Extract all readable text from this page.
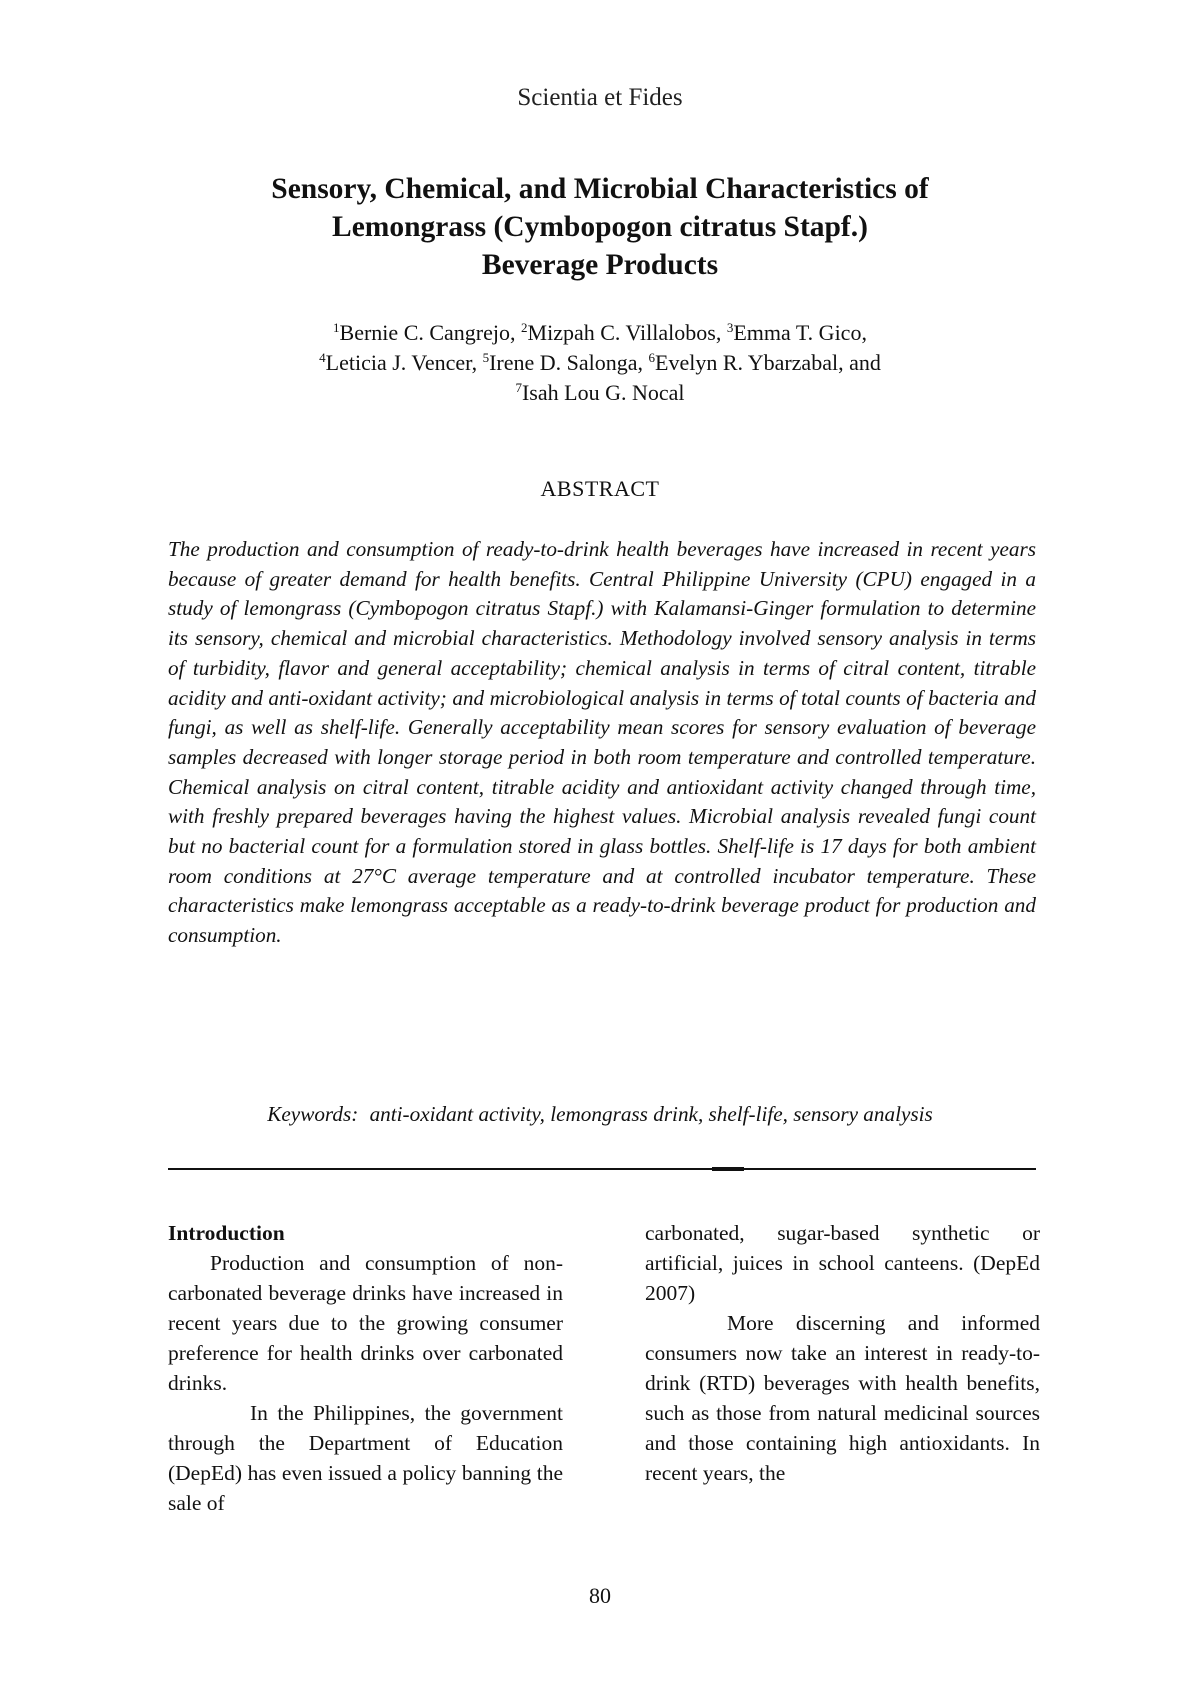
Scientia et Fides
Sensory, Chemical, and Microbial Characteristics of
Lemongrass (Cymbopogon citratus Stapf.)
Beverage Products
$^1$Bernie C. Cangrejo, $^2$Mizpah C. Villalobos, $^3$Emma T. Gico,
$^4$Leticia J. Vencer, $^5$Irene D. Salonga, $^6$Evelyn R. Ybarzabal, and
$^7$Isah Lou G. Nocal
ABSTRACT

The production and consumption of ready-to-drink health beverages have increased in recent years because of greater demand for health benefits. Central Philippine University (CPU) engaged in a study of lemongrass (Cymbopogon citratus Stapf.) with Kalamansi-Ginger formulation to determine its sensory, chemical and microbial characteristics. Methodology involved sensory analysis in terms of turbidity, flavor and general acceptability; chemical analysis in terms of citral content, titrable acidity and anti-oxidant activity; and microbiological analysis in terms of total counts of bacteria and fungi, as well as shelf-life. Generally acceptability mean scores for sensory evaluation of beverage samples decreased with longer storage period in both room temperature and controlled temperature. Chemical analysis on citral content, titrable acidity and antioxidant activity changed through time, with freshly prepared beverages having the highest values. Microbial analysis revealed fungi count but no bacterial count for a formulation stored in glass bottles. Shelf-life is 17 days for both ambient room conditions at 27°C average temperature and at controlled incubator temperature. These characteristics make lemongrass acceptable as a ready-to-drink beverage product for production and consumption.

Keywords: anti-oxidant activity, lemongrass drink, shelf-life, sensory analysis
Introduction

Production and consumption of non-carbonated beverage drinks have increased in recent years due to the growing consumer preference for health drinks over carbonated drinks.

In the Philippines, the government through the Department of Education (DepEd) has even issued a policy banning the sale of

carbonated, sugar-based synthetic or artificial, juices in school canteens. (DepEd 2007)

More discerning and informed consumers now take an interest in ready-to-drink (RTD) beverages with health benefits, such as those from natural medicinal sources and those containing high antioxidants. In recent years, the

80
